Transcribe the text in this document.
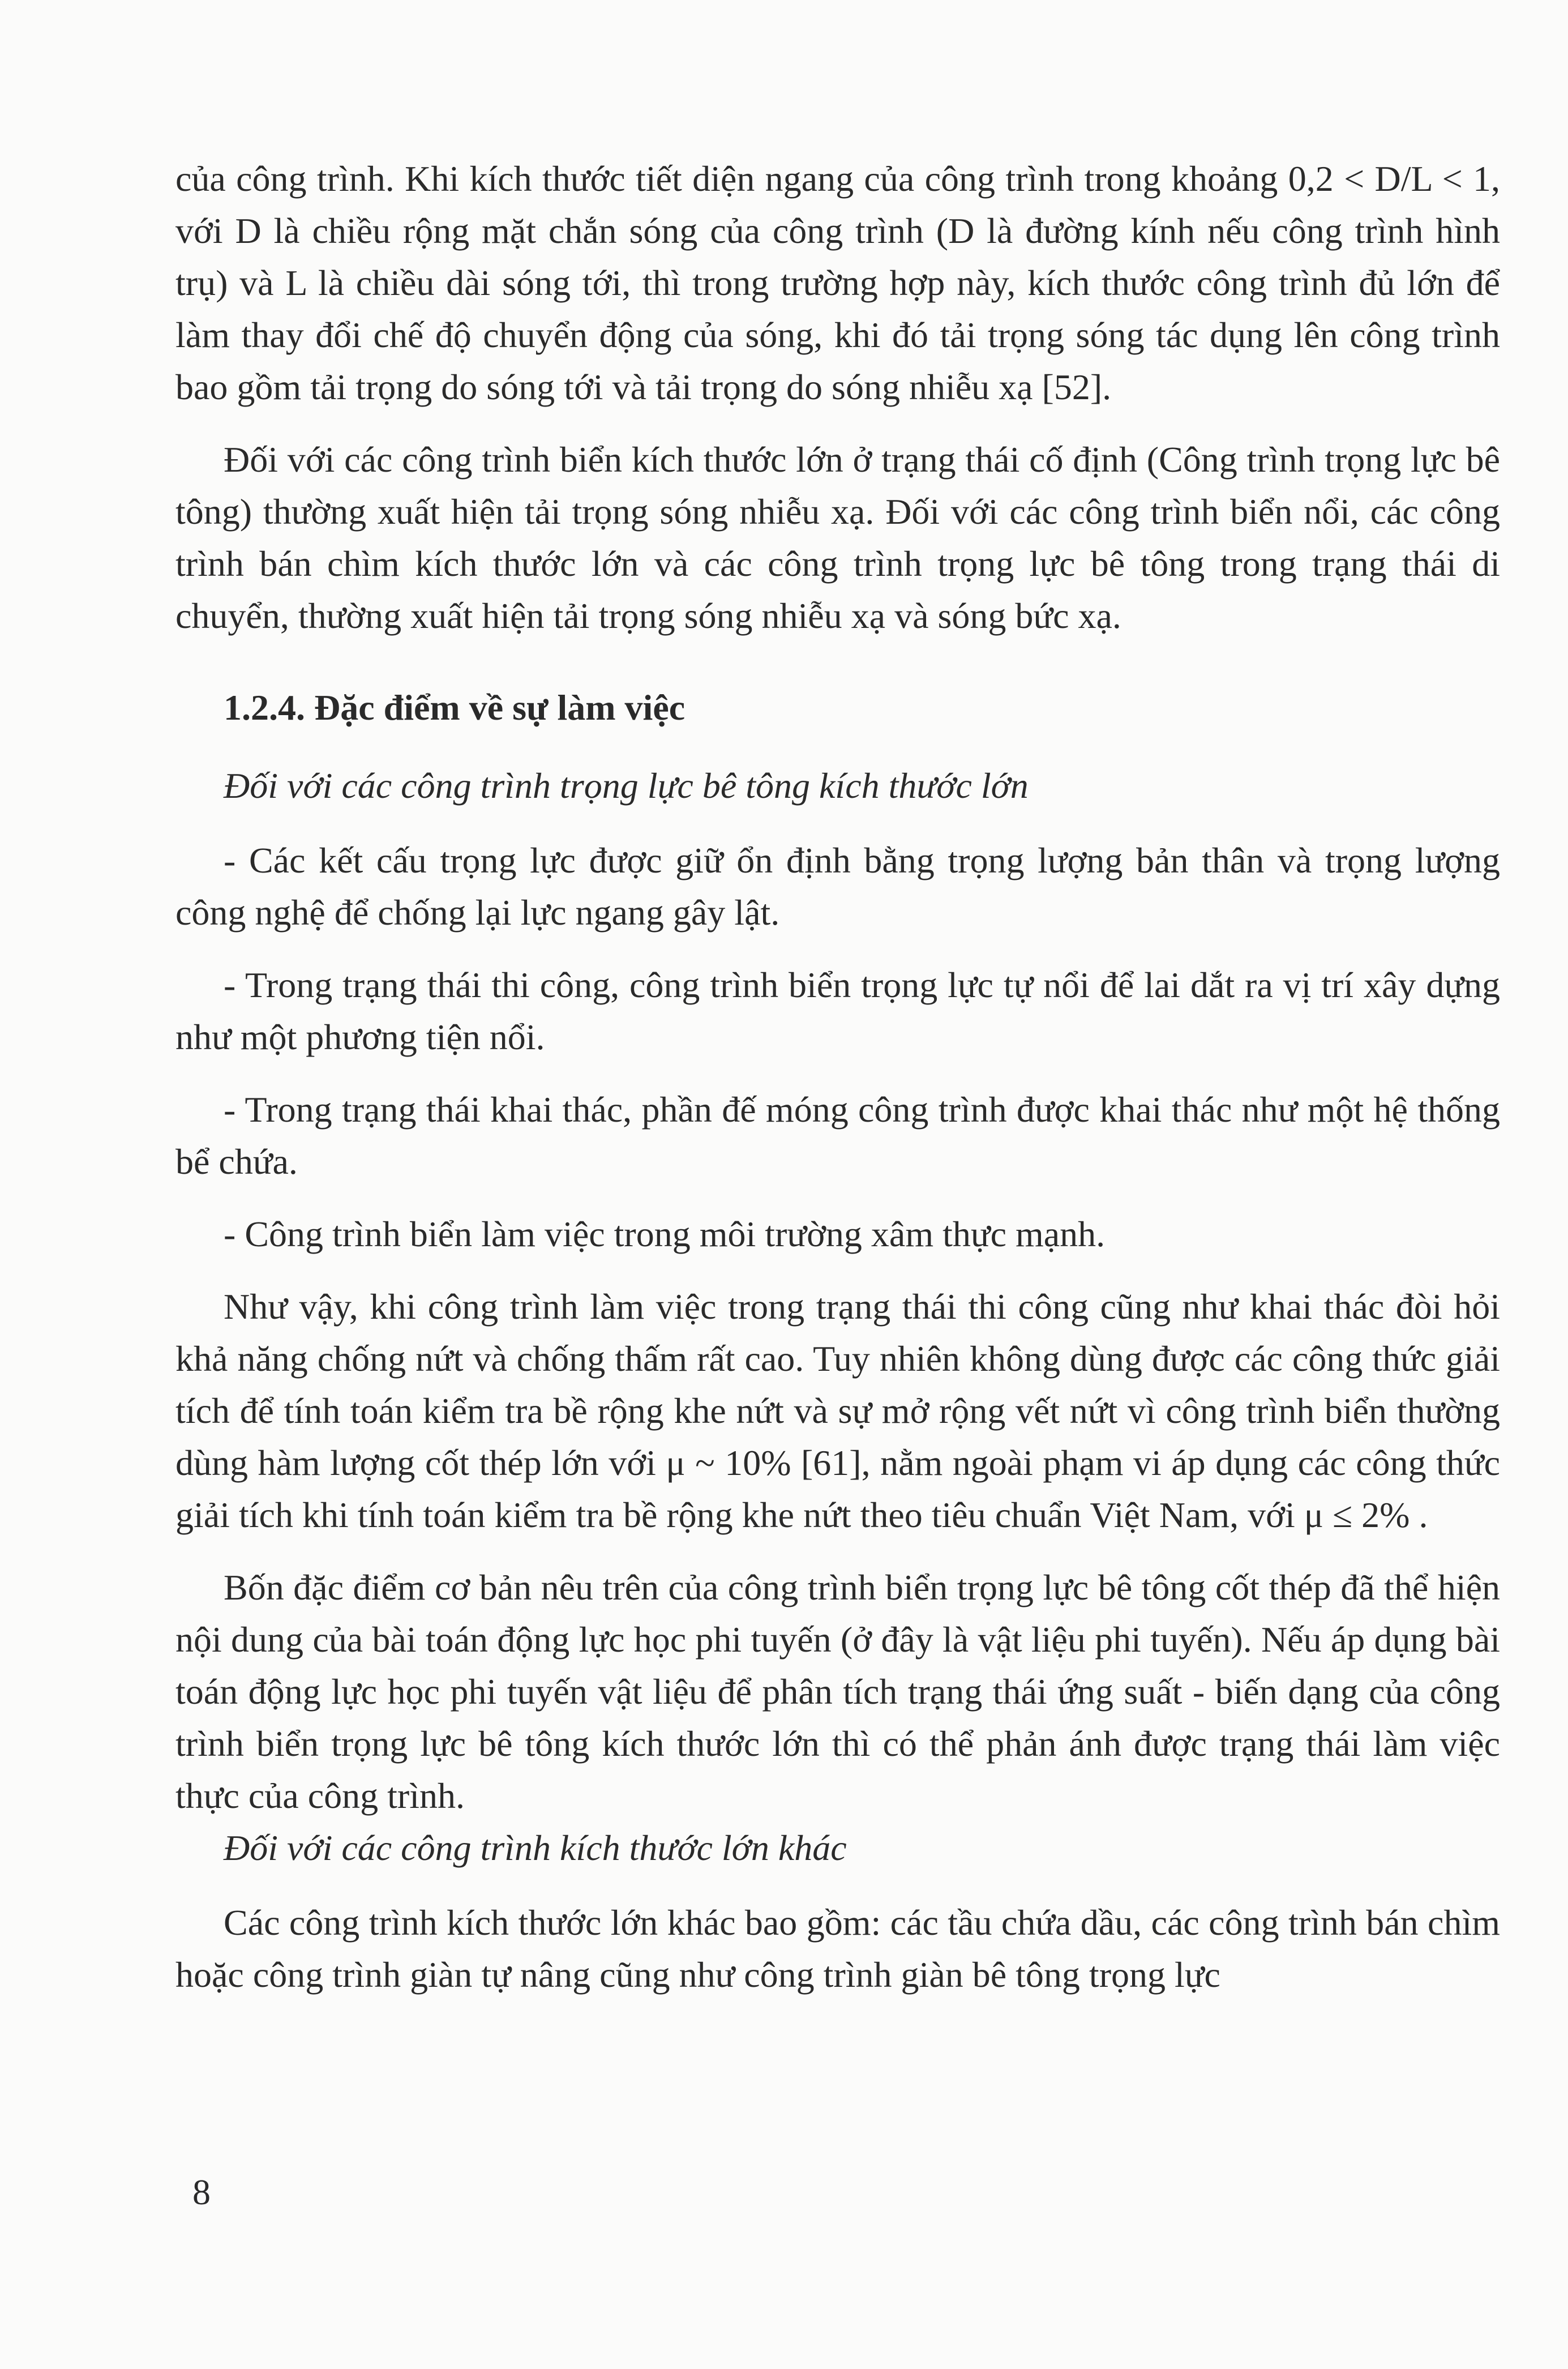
của công trình. Khi kích thước tiết diện ngang của công trình trong khoảng 0,2 < D/L < 1, với D là chiều rộng mặt chắn sóng của công trình (D là đường kính nếu công trình hình trụ) và L là chiều dài sóng tới, thì trong trường hợp này, kích thước công trình đủ lớn để làm thay đổi chế độ chuyển động của sóng, khi đó tải trọng sóng tác dụng lên công trình bao gồm tải trọng do sóng tới và tải trọng do sóng nhiễu xạ [52].

Đối với các công trình biển kích thước lớn ở trạng thái cố định (Công trình trọng lực bê tông) thường xuất hiện tải trọng sóng nhiễu xạ. Đối với các công trình biển nổi, các công trình bán chìm kích thước lớn và các công trình trọng lực bê tông trong trạng thái di chuyển, thường xuất hiện tải trọng sóng nhiễu xạ và sóng bức xạ.

1.2.4. Đặc điểm về sự làm việc

Đối với các công trình trọng lực bê tông kích thước lớn

- Các kết cấu trọng lực được giữ ổn định bằng trọng lượng bản thân và trọng lượng công nghệ để chống lại lực ngang gây lật.

- Trong trạng thái thi công, công trình biển trọng lực tự nổi để lai dắt ra vị trí xây dựng như một phương tiện nổi.

- Trong trạng thái khai thác, phần đế móng công trình được khai thác như một hệ thống bể chứa.

- Công trình biển làm việc trong môi trường xâm thực mạnh.

Như vậy, khi công trình làm việc trong trạng thái thi công cũng như khai thác đòi hỏi khả năng chống nứt và chống thấm rất cao. Tuy nhiên không dùng được các công thức giải tích để tính toán kiểm tra bề rộng khe nứt và sự mở rộng vết nứt vì công trình biển thường dùng hàm lượng cốt thép lớn với μ ~ 10% [61], nằm ngoài phạm vi áp dụng các công thức giải tích khi tính toán kiểm tra bề rộng khe nứt theo tiêu chuẩn Việt Nam, với μ ≤ 2% .

Bốn đặc điểm cơ bản nêu trên của công trình biển trọng lực bê tông cốt thép đã thể hiện nội dung của bài toán động lực học phi tuyến (ở đây là vật liệu phi tuyến). Nếu áp dụng bài toán động lực học phi tuyến vật liệu để phân tích trạng thái ứng suất - biến dạng của công trình biển trọng lực bê tông kích thước lớn thì có thể phản ánh được trạng thái làm việc thực của công trình.

Đối với các công trình kích thước lớn khác

Các công trình kích thước lớn khác bao gồm: các tầu chứa dầu, các công trình bán chìm hoặc công trình giàn tự nâng cũng như công trình giàn bê tông trọng lực

8
